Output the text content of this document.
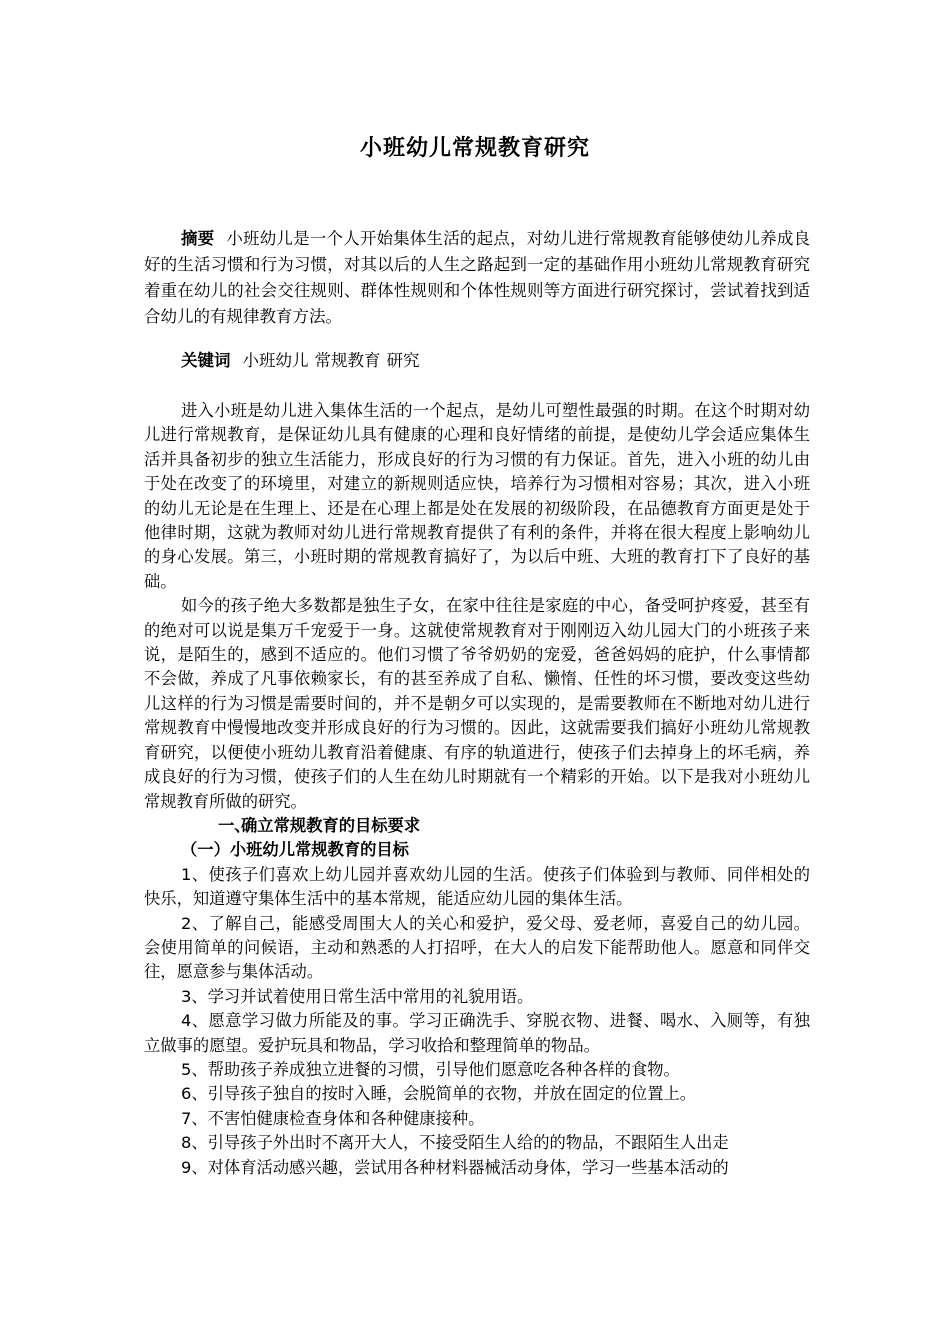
小班幼儿常规教育研究

摘要 小班幼儿是一个人开始集体生活的起点，对幼儿进行常规教育能够使幼儿养成良好的生活习惯和行为习惯，对其以后的人生之路起到一定的基础作用小班幼儿常规教育研究着重在幼儿的社会交往规则、群体性规则和个体性规则等方面进行研究探讨，尝试着找到适合幼儿的有规律教育方法。

关键词 小班幼儿 常规教育 研究

进入小班是幼儿进入集体生活的一个起点，是幼儿可塑性最强的时期。在这个时期对幼儿进行常规教育，是保证幼儿具有健康的心理和良好情绪的前提，是使幼儿学会适应集体生活并具备初步的独立生活能力，形成良好的行为习惯的有力保证。首先，进入小班的幼儿由于处在改变了的环境里，对建立的新规则适应快，培养行为习惯相对容易；其次，进入小班的幼儿无论是在生理上、还是在心理上都是处在发展的初级阶段，在品德教育方面更是处于他律时期，这就为教师对幼儿进行常规教育提供了有利的条件，并将在很大程度上影响幼儿的身心发展。第三，小班时期的常规教育搞好了，为以后中班、大班的教育打下了良好的基础。

如今的孩子绝大多数都是独生子女，在家中往往是家庭的中心，备受呵护疼爱，甚至有的绝对可以说是集万千宠爱于一身。这就使常规教育对于刚刚迈入幼儿园大门的小班孩子来说，是陌生的，感到不适应的。他们习惯了爷爷奶奶的宠爱，爸爸妈妈的庇护，什么事情都不会做，养成了凡事依赖家长，有的甚至养成了自私、懒惰、任性的坏习惯，要改变这些幼儿这样的行为习惯是需要时间的，并不是朝夕可以实现的，是需要教师在不断地对幼儿进行常规教育中慢慢地改变并形成良好的行为习惯的。因此，这就需要我们搞好小班幼儿常规教育研究，以便使小班幼儿教育沿着健康、有序的轨道进行，使孩子们去掉身上的坏毛病，养成良好的行为习惯，使孩子们的人生在幼儿时期就有一个精彩的开始。以下是我对小班幼儿常规教育所做的研究。

一、确立常规教育的目标要求
（一）小班幼儿常规教育的目标

1、使孩子们喜欢上幼儿园并喜欢幼儿园的生活。使孩子们体验到与教师、同伴相处的快乐，知道遵守集体生活中的基本常规，能适应幼儿园的集体生活。

2、了解自己，能感受周围大人的关心和爱护，爱父母、爱老师，喜爱自己的幼儿园。会使用简单的问候语，主动和熟悉的人打招呼，在大人的启发下能帮助他人。愿意和同伴交往，愿意参与集体活动。

3、学习并试着使用日常生活中常用的礼貌用语。

4、愿意学习做力所能及的事。学习正确洗手、穿脱衣物、进餐、喝水、入厕等，有独立做事的愿望。爱护玩具和物品，学习收拾和整理简单的物品。

5、帮助孩子养成独立进餐的习惯，引导他们愿意吃各种各样的食物。

6、引导孩子独自的按时入睡，会脱简单的衣物，并放在固定的位置上。

7、不害怕健康检查身体和各种健康接种。

8、引导孩子外出时不离开大人，不接受陌生人给的的物品，不跟陌生人出走

9、对体育活动感兴趣，尝试用各种材料器械活动身体，学习一些基本活动的
